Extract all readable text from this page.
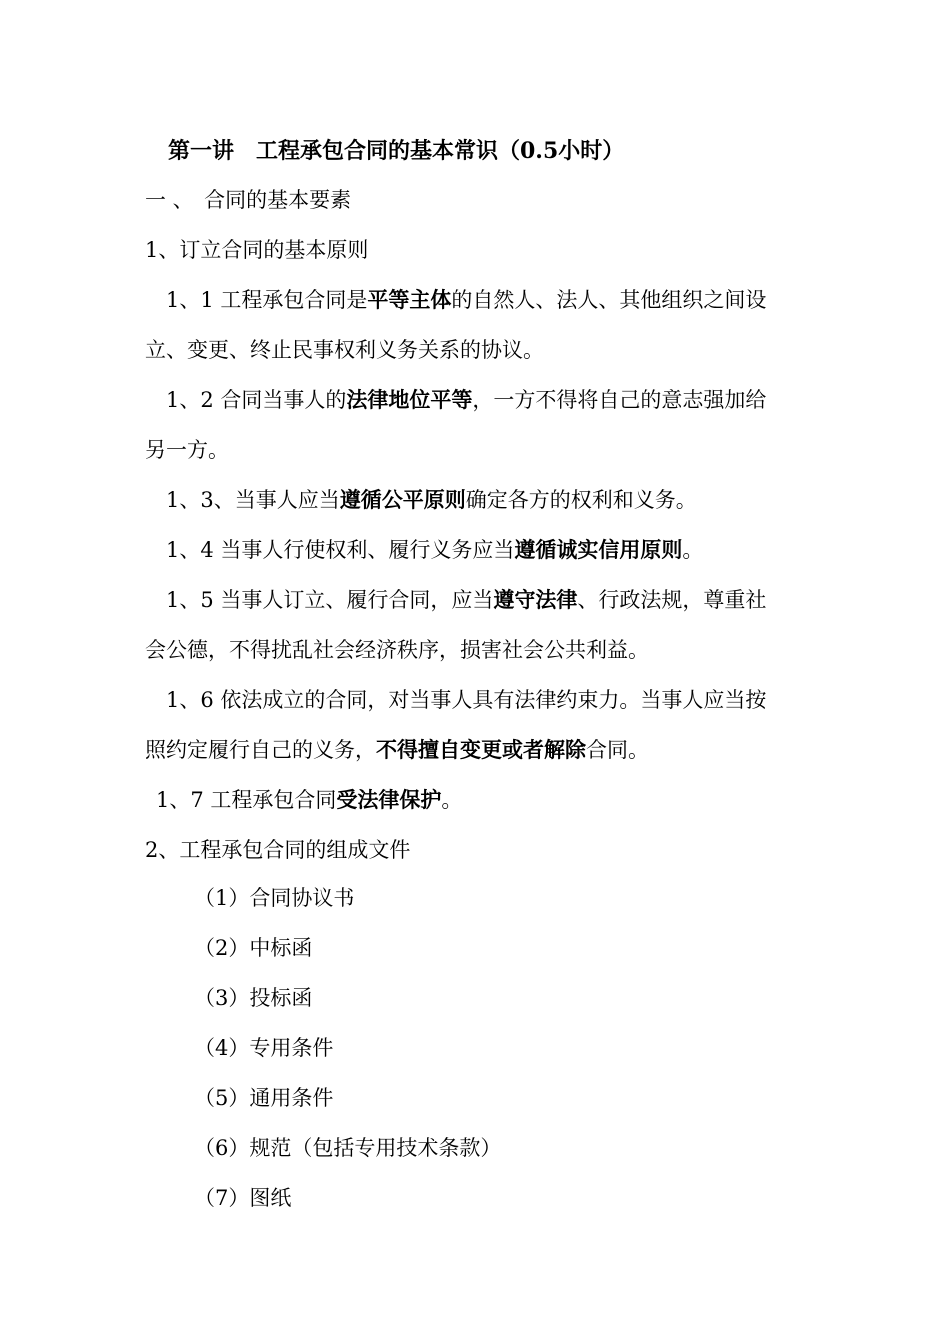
第一讲　工程承包合同的基本常识（0.5小时）
一 、　合同的基本要素
1、订立合同的基本原则
1、1 工程承包合同是平等主体的自然人、法人、其他组织之间设
立、变更、终止民事权利义务关系的协议。
1、2 合同当事人的法律地位平等，一方不得将自己的意志强加给
另一方。
1、3、当事人应当遵循公平原则确定各方的权利和义务。
1、4 当事人行使权利、履行义务应当遵循诚实信用原则。
1、5 当事人订立、履行合同，应当遵守法律、行政法规，尊重社
会公德，不得扰乱社会经济秩序，损害社会公共利益。
1、6 依法成立的合同，对当事人具有法律约束力。当事人应当按
照约定履行自己的义务，不得擅自变更或者解除合同。
1、7 工程承包合同受法律保护。
2、工程承包合同的组成文件
（1）合同协议书
（2）中标函
（3）投标函
（4）专用条件
（5）通用条件
（6）规范（包括专用技术条款）
（7）图纸
